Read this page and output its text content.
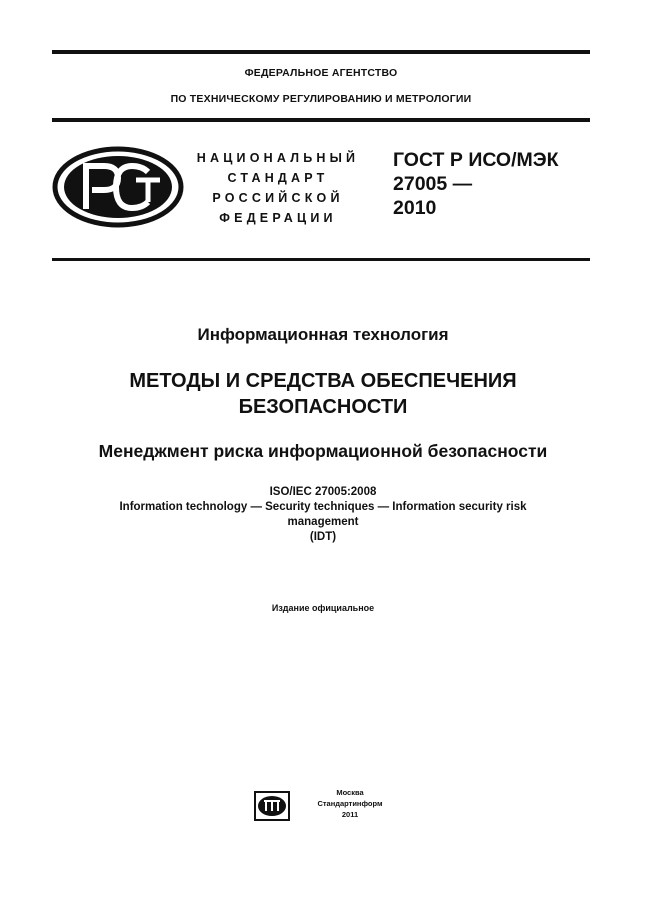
ФЕДЕРАЛЬНОЕ АГЕНТСТВО
ПО ТЕХНИЧЕСКОМУ РЕГУЛИРОВАНИЮ И МЕТРОЛОГИИ
НАЦИОНАЛЬНЫЙ
СТАНДАРТ
РОССИЙСКОЙ
ФЕДЕРАЦИИ
ГОСТ Р ИСО/МЭК
27005 —
2010
Информационная технология
МЕТОДЫ И СРЕДСТВА ОБЕСПЕЧЕНИЯ
БЕЗОПАСНОСТИ
Менеджмент риска информационной безопасности
ISO/IEC 27005:2008
Information technology — Security techniques — Information security risk
management
(IDT)
Издание официальное
Москва
Стандартинформ
2011
